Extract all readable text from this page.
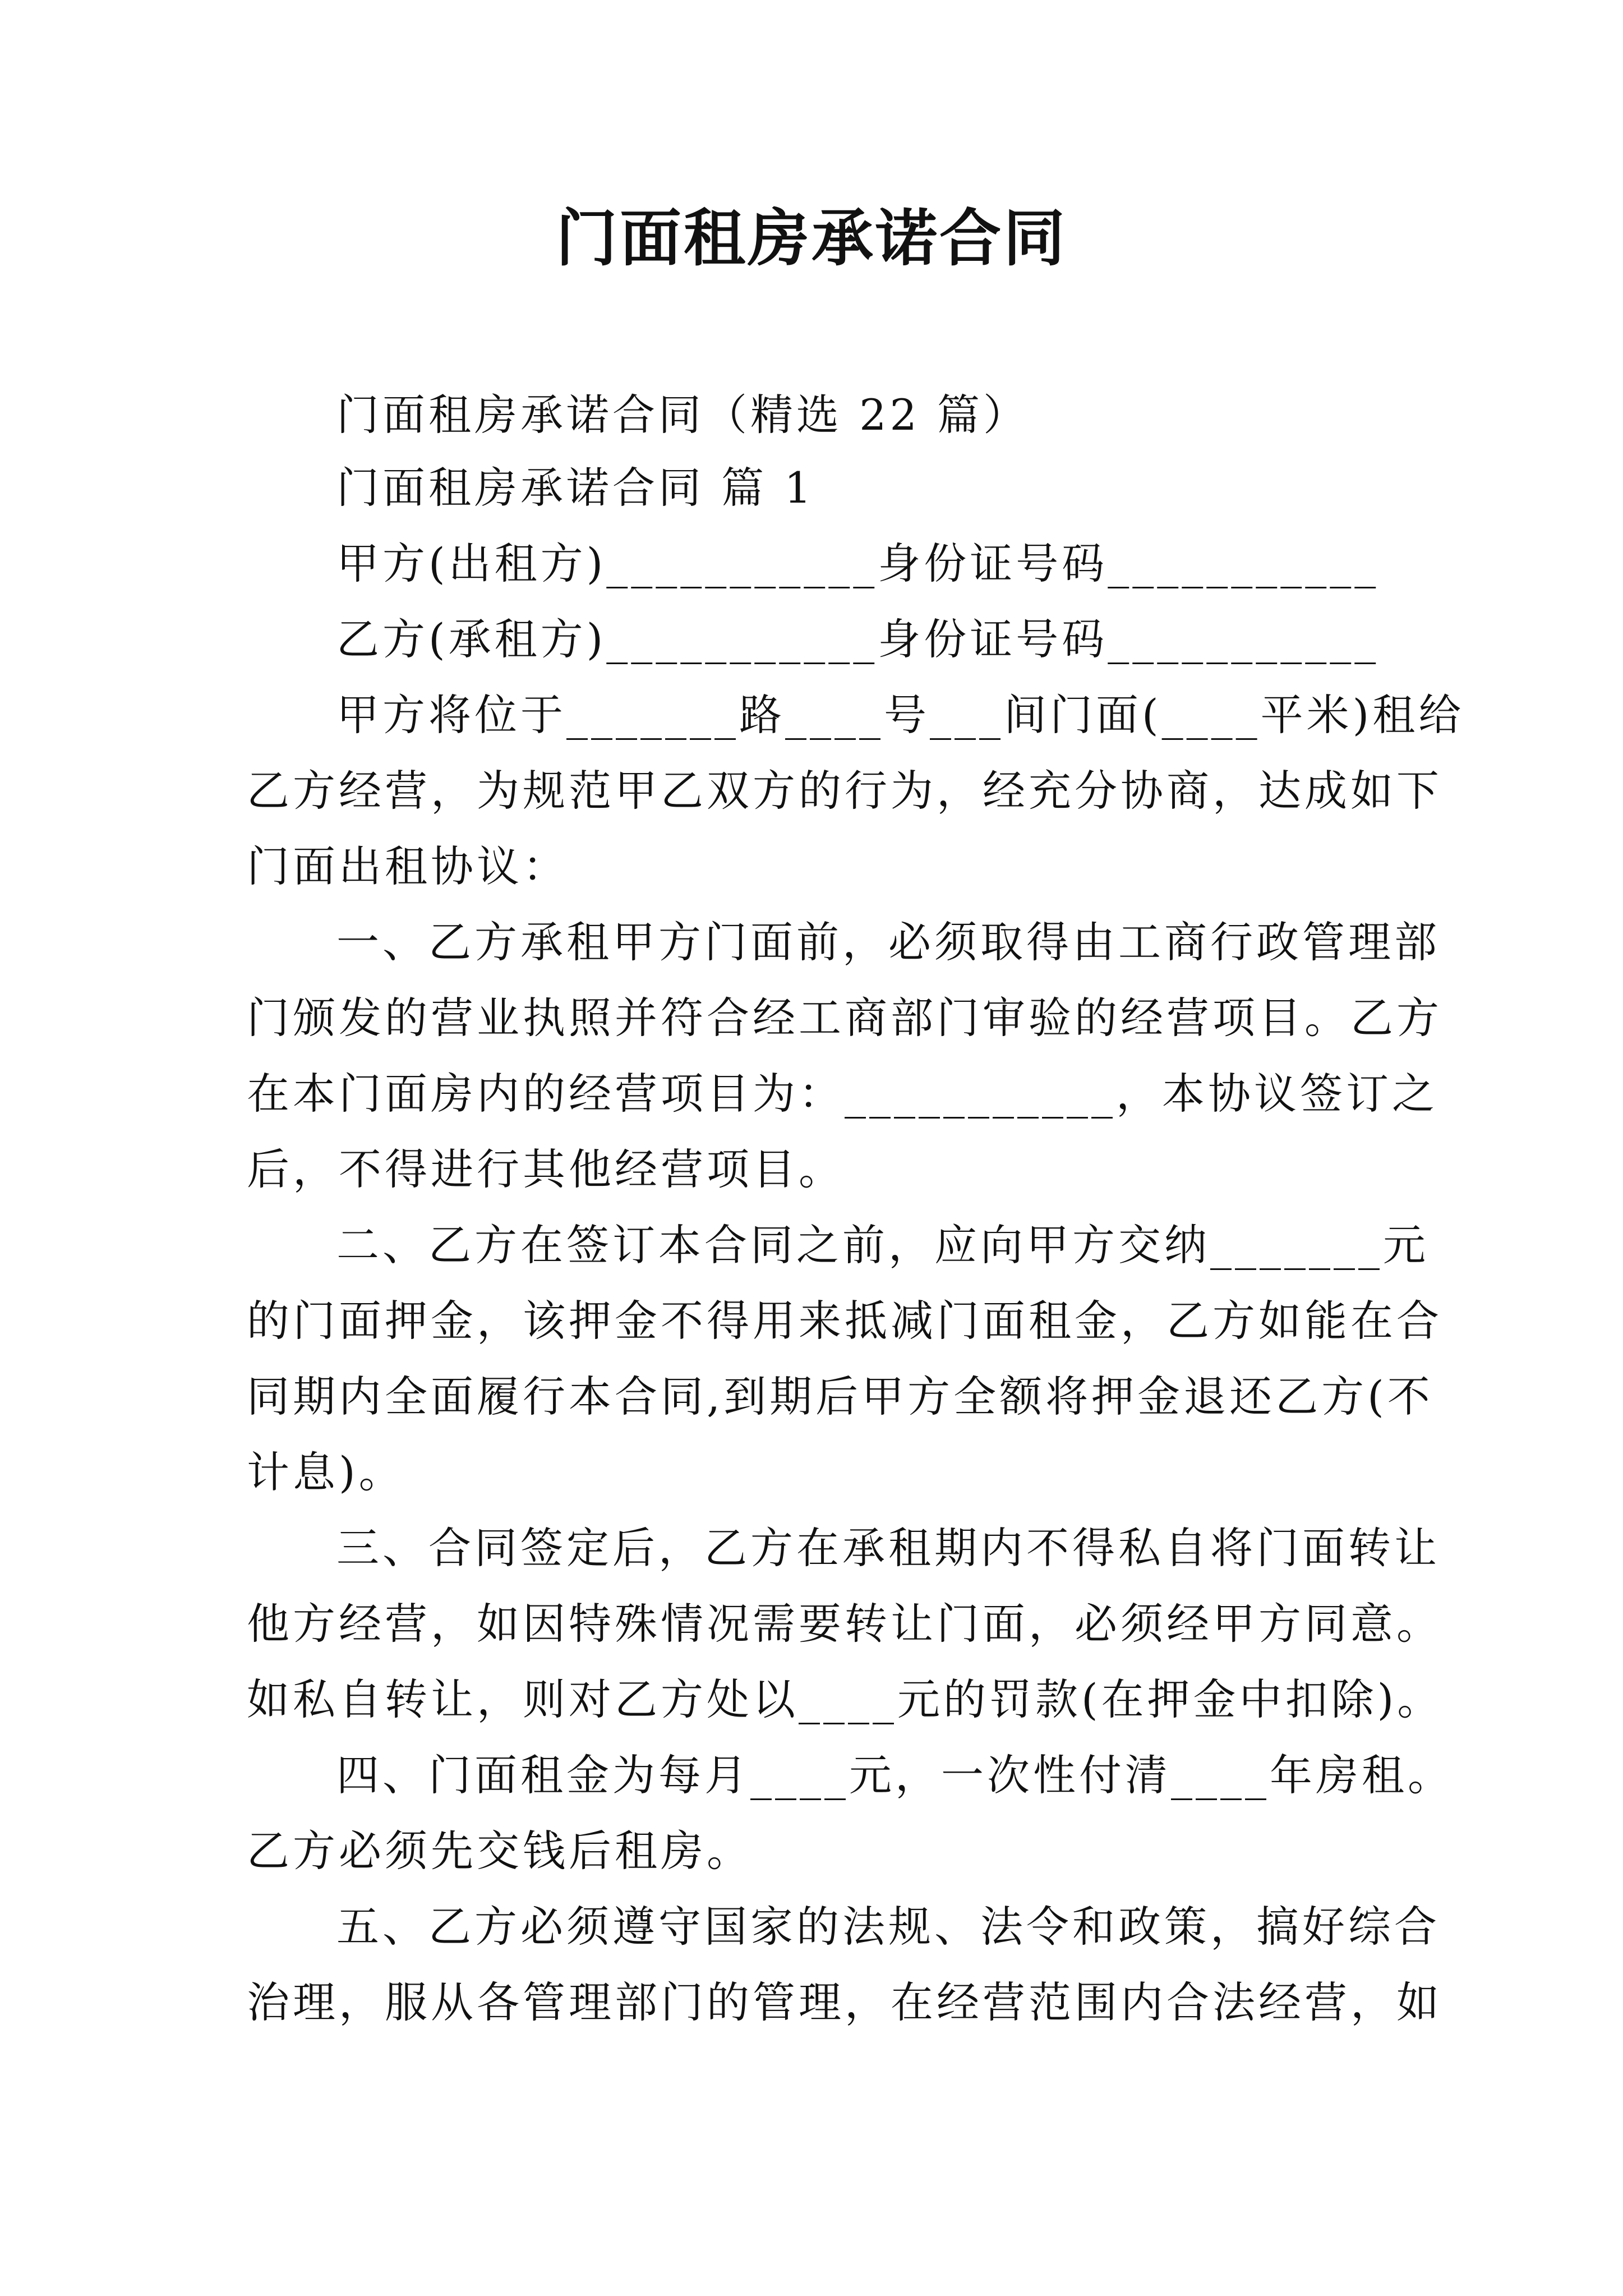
门面租房承诺合同
门面租房承诺合同（精选 22 篇）
门面租房承诺合同 篇 1
甲方(出租方)___________身份证号码___________
乙方(承租方)___________身份证号码___________
甲方将位于_______路____号___间门面(____平米)租给
乙方经营，为规范甲乙双方的行为，经充分协商，达成如下
门面出租协议：
一、乙方承租甲方门面前，必须取得由工商行政管理部
门颁发的营业执照并符合经工商部门审验的经营项目。乙方
在本门面房内的经营项目为：___________，本协议签订之
后，不得进行其他经营项目。
二、乙方在签订本合同之前，应向甲方交纳_______元
的门面押金，该押金不得用来抵减门面租金，乙方如能在合
同期内全面履行本合同,到期后甲方全额将押金退还乙方(不
计息)。
三、合同签定后，乙方在承租期内不得私自将门面转让
他方经营，如因特殊情况需要转让门面，必须经甲方同意。
如私自转让，则对乙方处以____元的罚款(在押金中扣除)。
四、门面租金为每月____元，一次性付清____年房租。
乙方必须先交钱后租房。
五、乙方必须遵守国家的法规、法令和政策，搞好综合
治理，服从各管理部门的管理，在经营范围内合法经营，如
